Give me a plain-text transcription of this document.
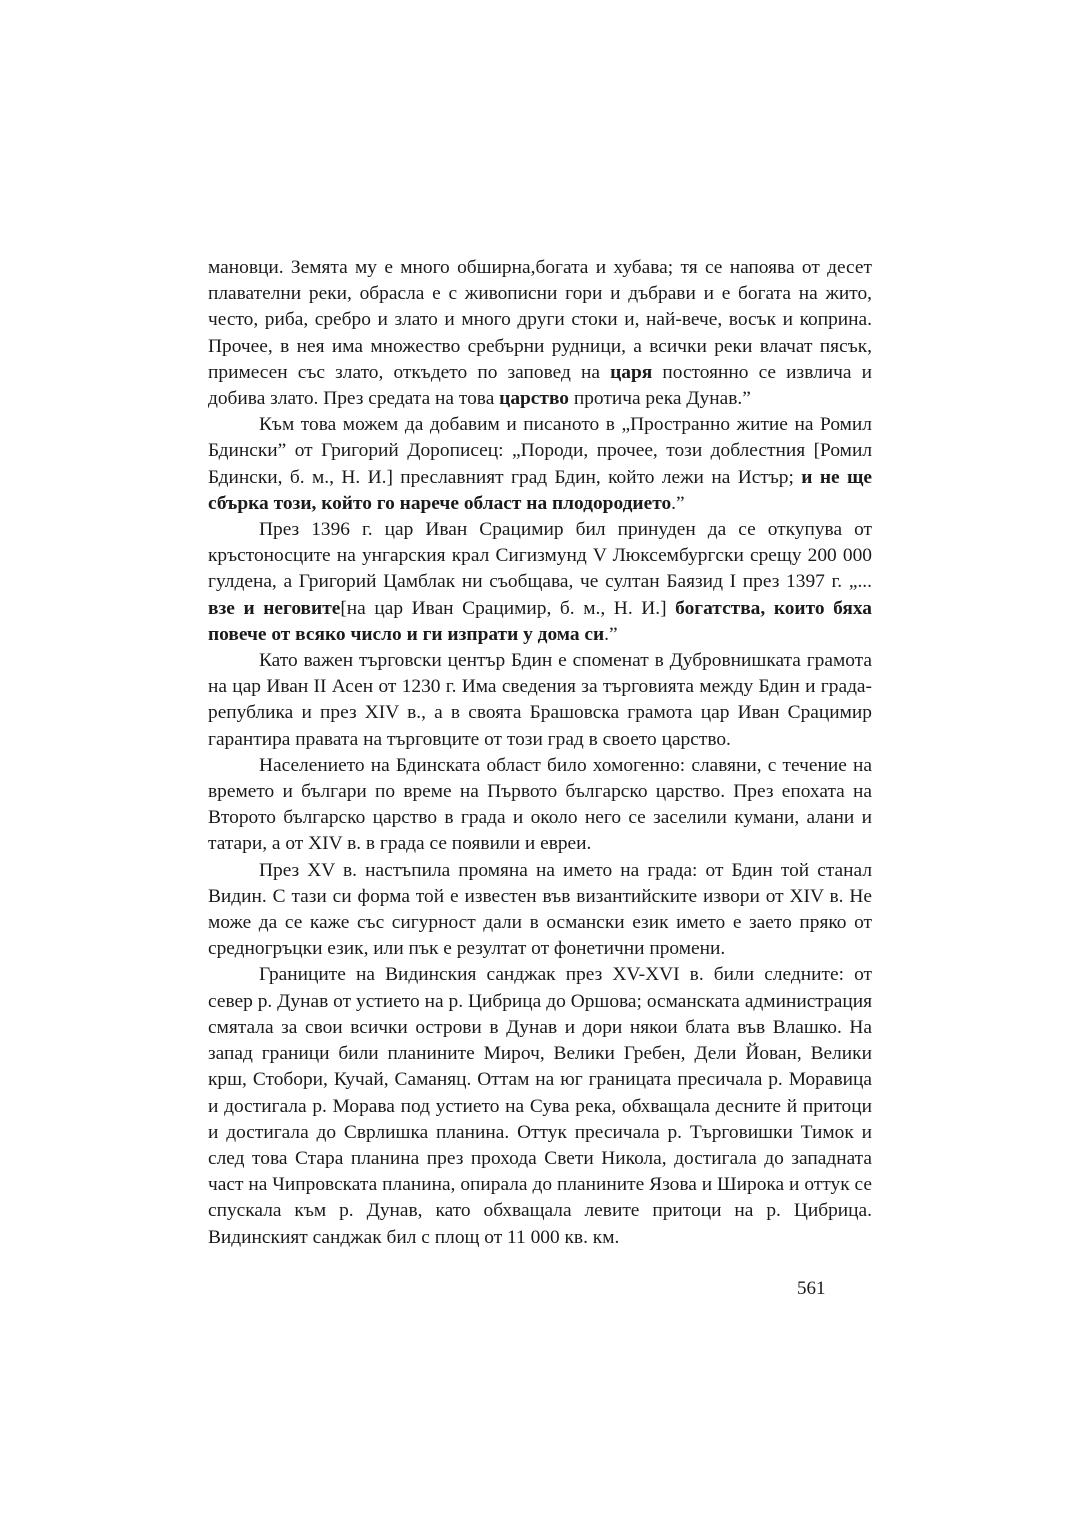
мановци. Земята му е много обширна,богата и хубава; тя се напоява от десет плавателни реки, обрасла е с живописни гори и дъбрави и е богата на жито, често, риба, сребро и злато и много други стоки и, най-вече, восък и коприна. Прочее, в нея има множество сребърни рудници, а всички реки влачат пясък, примесен със злато, откъдето по заповед на царя постоянно се извлича и добива злато. През средата на това царство протича река Дунав.”

Към това можем да добавим и писаното в „Пространно житие на Ромил Бдински” от Григорий Дорописец: „Породи, прочее, този доблестния [Ромил Бдински, б. м., Н. И.] преславният град Бдин, който лежи на Истър; и не ще сбърка този, който го нарече област на плодородието.”

През 1396 г. цар Иван Срацимир бил принуден да се откупува от кръстоносците на унгарския крал Сигизмунд V Люксембургски срещу 200 000 гулдена, а Григорий Цамблак ни съобщава, че султан Баязид I през 1397 г. „... взе и неговите[на цар Иван Срацимир, б. м., Н. И.] богатства, които бяха повече от всяко число и ги изпрати у дома си.”

Като важен търговски център Бдин е споменат в Дубровнишката грамота на цар Иван II Асен от 1230 г. Има сведения за търговията между Бдин и града-република и през XIV в., а в своята Брашовска грамота цар Иван Срацимир гарантира правата на търговците от този град в своето царство.

Населението на Бдинската област било хомогенно: славяни, с течение на времето и българи по време на Първото българско царство. През епохата на Второто българско царство в града и около него се заселили кумани, алани и татари, а от XIV в. в града се появили и евреи.

През XV в. настъпила промяна на името на града: от Бдин той станал Видин. С тази си форма той е известен във византийските извори от XIV в. Не може да се каже със сигурност дали в османски език името е заето пряко от средногръцки език, или пък е резултат от фонетични промени.

Границите на Видинския санджак през XV-XVI в. били следните: от север р. Дунав от устието на р. Цибрица до Оршова; османската администрация смятала за свои всички острови в Дунав и дори някои блата във Влашко. На запад граници били планините Мироч, Велики Гребен, Дели Йован, Велики крш, Стобори, Кучай, Саманяц. Оттам на юг границата пресичала р. Моравица и достигала р. Морава под устието на Сува река, обхващала десните й притоци и достигала до Сврлишка планина. Оттук пресичала р. Търговишки Тимок и след това Стара планина през прохода Свети Никола, достигала до западната част на Чипровската планина, опирала до планините Язова и Широка и оттук се спускала към р. Дунав, като обхващала левите притоци на р. Цибрица. Видинският санджак бил с площ от 11 000 кв. км.

561
